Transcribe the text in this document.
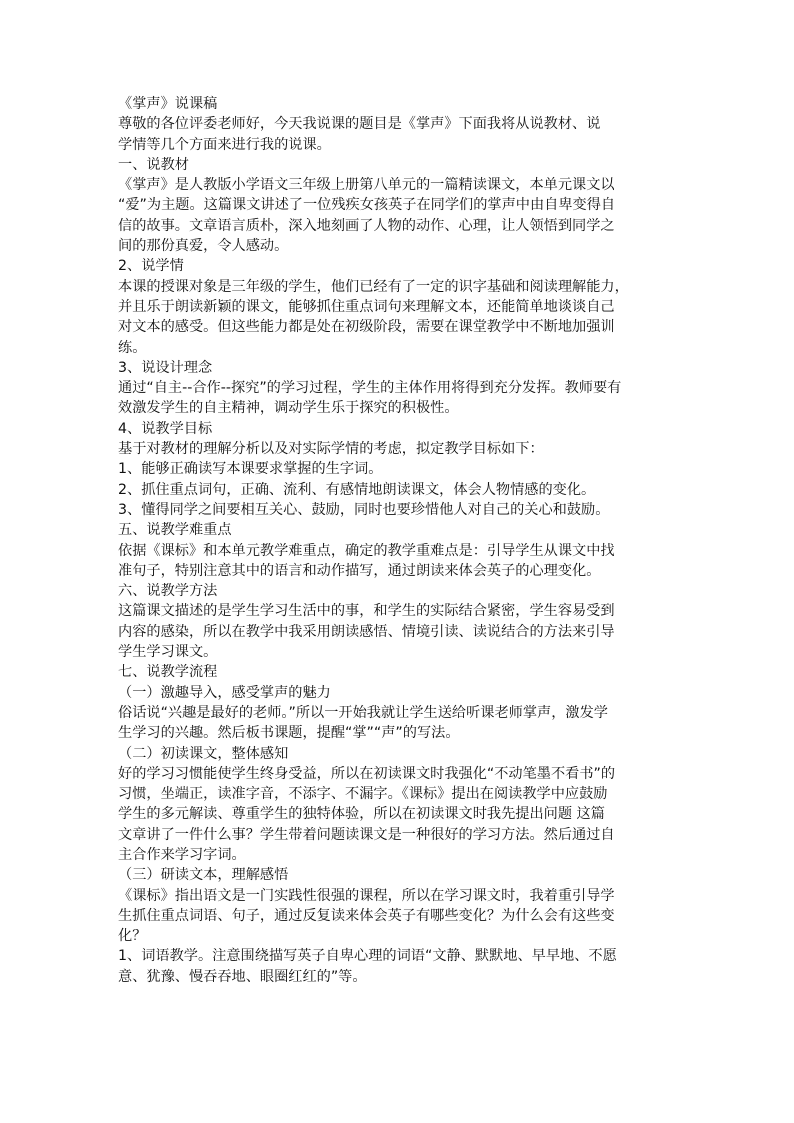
《掌声》说课稿
尊敬的各位评委老师好，今天我说课的题目是《掌声》下面我将从说教材、说
学情等几个方面来进行我的说课。
一、说教材
《掌声》是人教版小学语文三年级上册第八单元的一篇精读课文，本单元课文以
“爱”为主题。这篇课文讲述了一位残疾女孩英子在同学们的掌声中由自卑变得自
信的故事。文章语言质朴，深入地刻画了人物的动作、心理，让人领悟到同学之
间的那份真爱，令人感动。
2、说学情
本课的授课对象是三年级的学生，他们已经有了一定的识字基础和阅读理解能力，
并且乐于朗读新颖的课文，能够抓住重点词句来理解文本，还能简单地谈谈自己
对文本的感受。但这些能力都是处在初级阶段，需要在课堂教学中不断地加强训
练。
3、说设计理念
通过“自主--合作--探究”的学习过程，学生的主体作用将得到充分发挥。教师要有
效激发学生的自主精神，调动学生乐于探究的积极性。
4、说教学目标
基于对教材的理解分析以及对实际学情的考虑，拟定教学目标如下：
1、能够正确读写本课要求掌握的生字词。
2、抓住重点词句，正确、流利、有感情地朗读课文，体会人物情感的变化。
3、懂得同学之间要相互关心、鼓励，同时也要珍惜他人对自己的关心和鼓励。
五、说教学难重点
依据《课标》和本单元教学难重点，确定的教学重难点是：引导学生从课文中找
准句子，特别注意其中的语言和动作描写，通过朗读来体会英子的心理变化。
六、说教学方法
这篇课文描述的是学生学习生活中的事，和学生的实际结合紧密，学生容易受到
内容的感染，所以在教学中我采用朗读感悟、情境引读、读说结合的方法来引导
学生学习课文。
七、说教学流程
（一）激趣导入，感受掌声的魅力
俗话说“兴趣是最好的老师。”所以一开始我就让学生送给听课老师掌声，激发学
生学习的兴趣。然后板书课题，提醒“掌”“声”的写法。
（二）初读课文，整体感知
好的学习习惯能使学生终身受益，所以在初读课文时我强化“不动笔墨不看书”的
习惯，坐端正，读准字音，不添字、不漏字。《课标》提出在阅读教学中应鼓励
学生的多元解读、尊重学生的独特体验，所以在初读课文时我先提出问题 这篇
文章讲了一件什么事？学生带着问题读课文是一种很好的学习方法。然后通过自
主合作来学习字词。
（三）研读文本，理解感悟
《课标》指出语文是一门实践性很强的课程，所以在学习课文时，我着重引导学
生抓住重点词语、句子，通过反复读来体会英子有哪些变化？为什么会有这些变
化？
1、词语教学。注意围绕描写英子自卑心理的词语“文静、默默地、早早地、不愿
意、犹豫、慢吞吞地、眼圈红红的”等。
